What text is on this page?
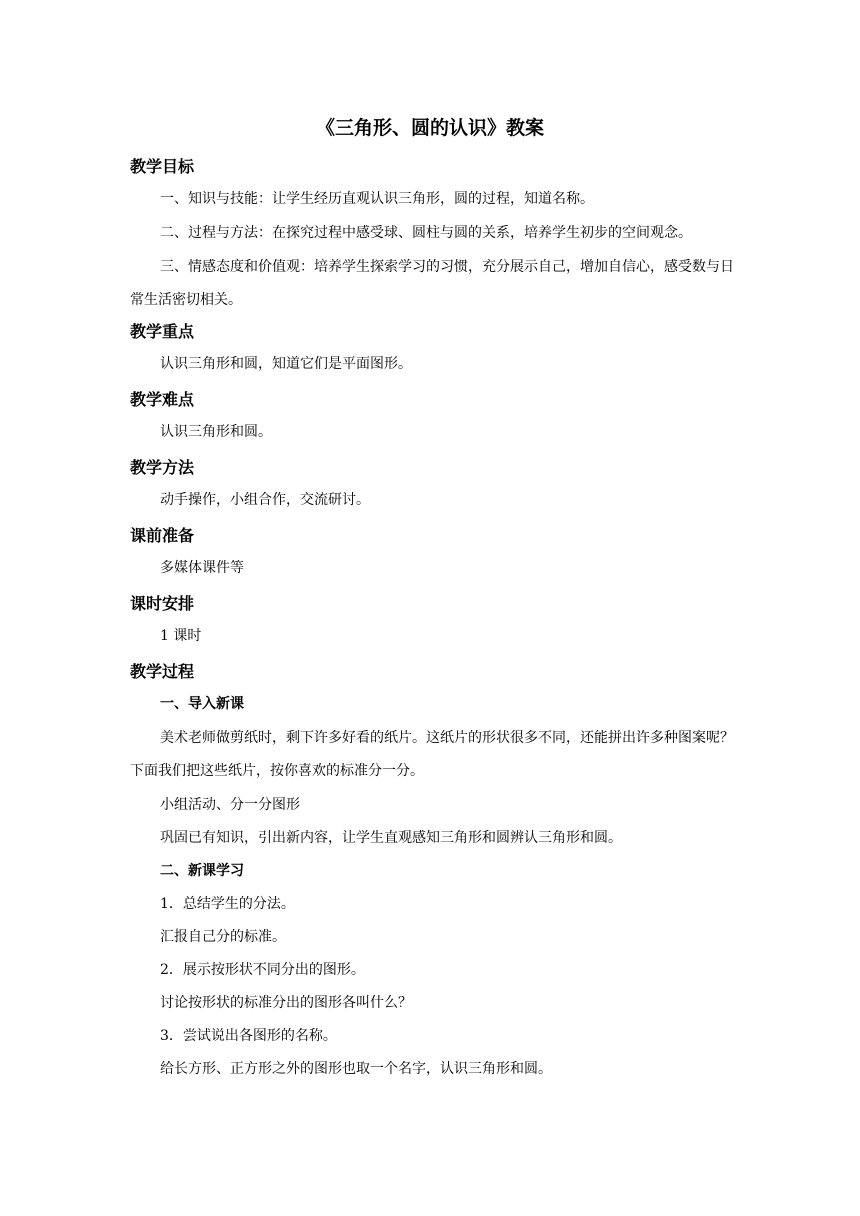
《三角形、圆的认识》教案
教学目标

一、知识与技能：让学生经历直观认识三角形，圆的过程，知道名称。

二、过程与方法：在探究过程中感受球、圆柱与圆的关系，培养学生初步的空间观念。

三、情感态度和价值观：培养学生探索学习的习惯，充分展示自己，增加自信心，感受数与日常生活密切相关。

教学重点

认识三角形和圆，知道它们是平面图形。

教学难点

认识三角形和圆。

教学方法

动手操作，小组合作，交流研讨。

课前准备

多媒体课件等

课时安排

1 课时

教学过程
一、导入新课

美术老师做剪纸时，剩下许多好看的纸片。这纸片的形状很多不同，还能拼出许多种图案呢？下面我们把这些纸片，按你喜欢的标准分一分。

小组活动、分一分图形

巩固已有知识，引出新内容，让学生直观感知三角形和圆辨认三角形和圆。

二、新课学习

1．总结学生的分法。

汇报自己分的标准。

2．展示按形状不同分出的图形。

讨论按形状的标准分出的图形各叫什么？

3．尝试说出各图形的名称。

给长方形、正方形之外的图形也取一个名字，认识三角形和圆。
